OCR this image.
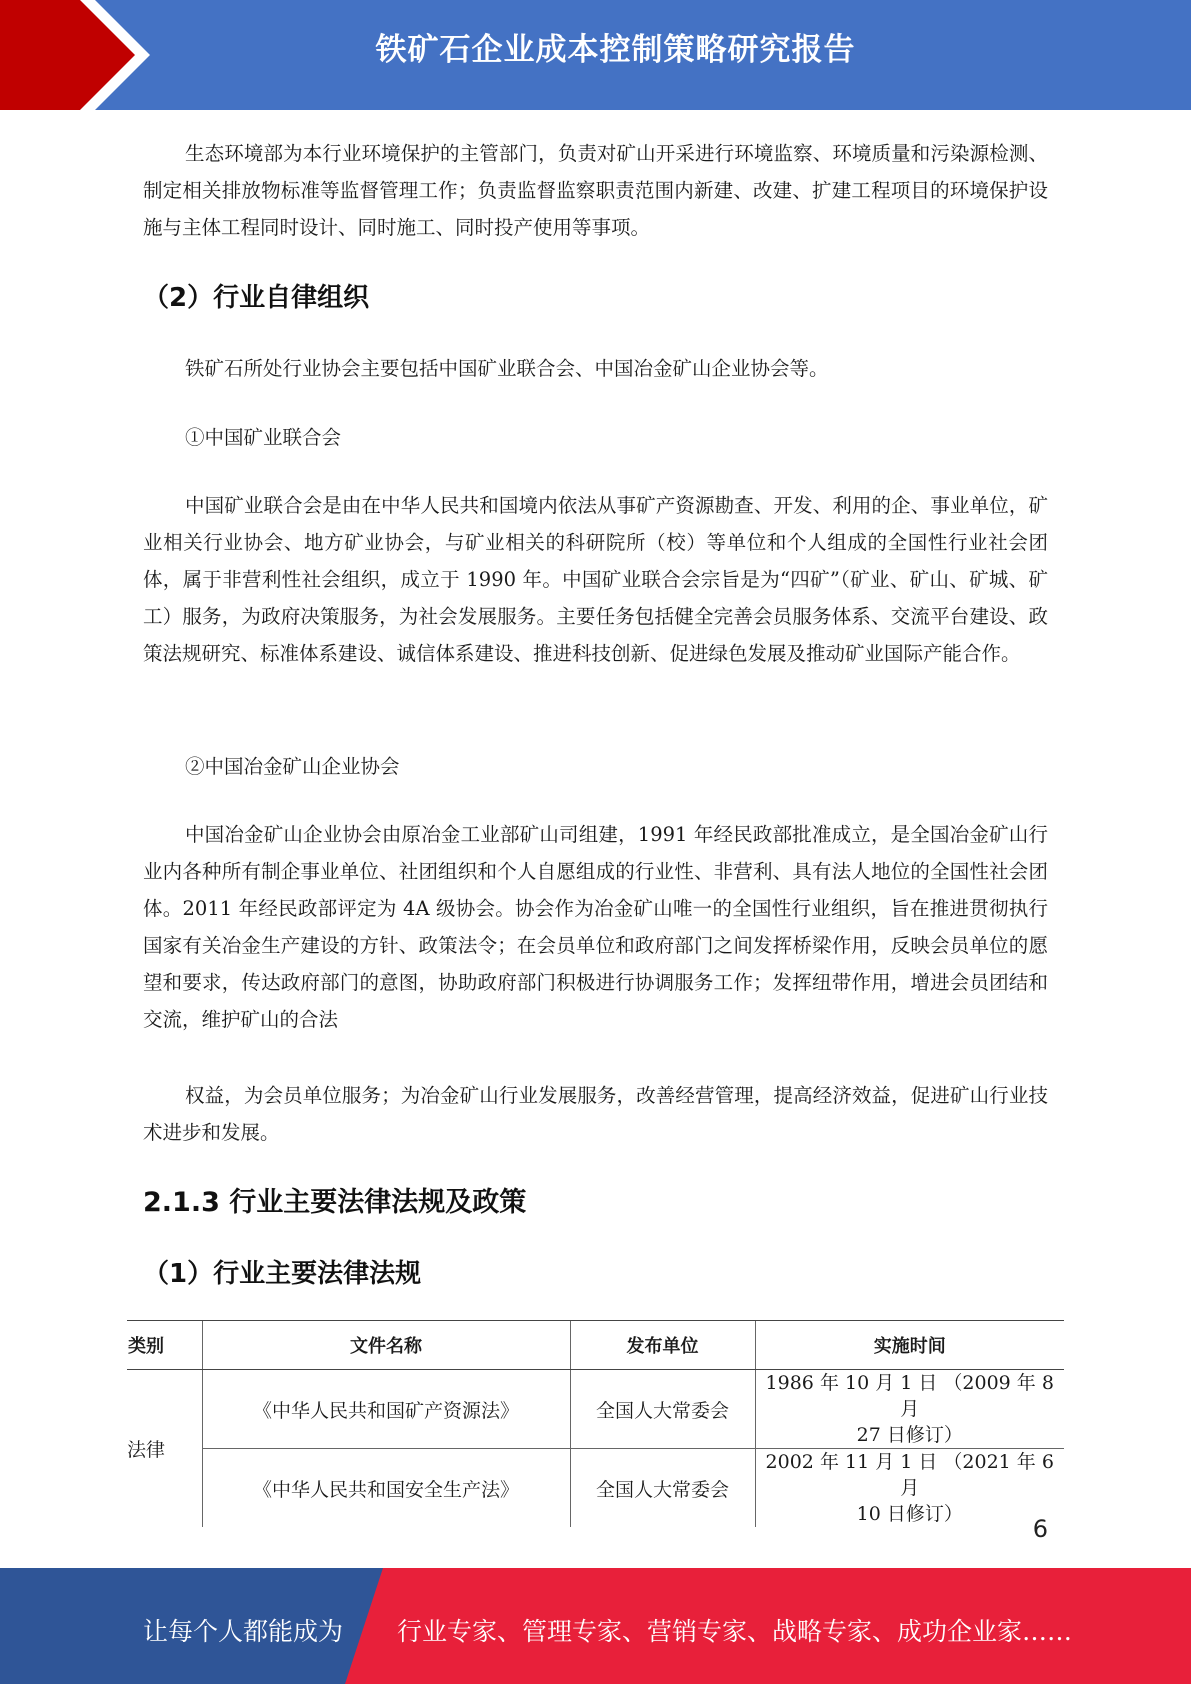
铁矿石企业成本控制策略研究报告

生态环境部为本行业环境保护的主管部门，负责对矿山开采进行环境监察、环境质量和污染源检测、制定相关排放物标准等监督管理工作；负责监督监察职责范围内新建、改建、扩建工程项目的环境保护设施与主体工程同时设计、同时施工、同时投产使用等事项。

（2）行业自律组织

铁矿石所处行业协会主要包括中国矿业联合会、中国冶金矿山企业协会等。

①中国矿业联合会

中国矿业联合会是由在中华人民共和国境内依法从事矿产资源勘查、开发、利用的企、事业单位，矿业相关行业协会、地方矿业协会，与矿业相关的科研院所（校）等单位和个人组成的全国性行业社会团体，属于非营利性社会组织，成立于 1990 年。中国矿业联合会宗旨是为“四矿”（矿业、矿山、矿城、矿工）服务，为政府决策服务，为社会发展服务。主要任务包括健全完善会员服务体系、交流平台建设、政策法规研究、标准体系建设、诚信体系建设、推进科技创新、促进绿色发展及推动矿业国际产能合作。

②中国冶金矿山企业协会

中国冶金矿山企业协会由原冶金工业部矿山司组建，1991 年经民政部批准成立，是全国冶金矿山行业内各种所有制企事业单位、社团组织和个人自愿组成的行业性、非营利、具有法人地位的全国性社会团体。2011 年经民政部评定为 4A 级协会。协会作为冶金矿山唯一的全国性行业组织，旨在推进贯彻执行国家有关冶金生产建设的方针、政策法令；在会员单位和政府部门之间发挥桥梁作用，反映会员单位的愿望和要求，传达政府部门的意图，协助政府部门积极进行协调服务工作；发挥纽带作用，增进会员团结和交流，维护矿山的合法

权益，为会员单位服务；为冶金矿山行业发展服务，改善经营管理，提高经济效益，促进矿山行业技术进步和发展。

2.1.3 行业主要法律法规及政策
（1）行业主要法律法规
类别	文件名称	发布单位	实施时间
法律	《中华人民共和国矿产资源法》	全国人大常委会	1986 年 10 月 1 日 （2009 年 8 月
27 日修订）

	《中华人民共和国安全生产法》	全国人大常委会	2002 年 11 月 1 日 （2021 年 6 月
10 日修订）
6
让每个人都能成为 行业专家、管理专家、营销专家、战略专家、成功企业家……
